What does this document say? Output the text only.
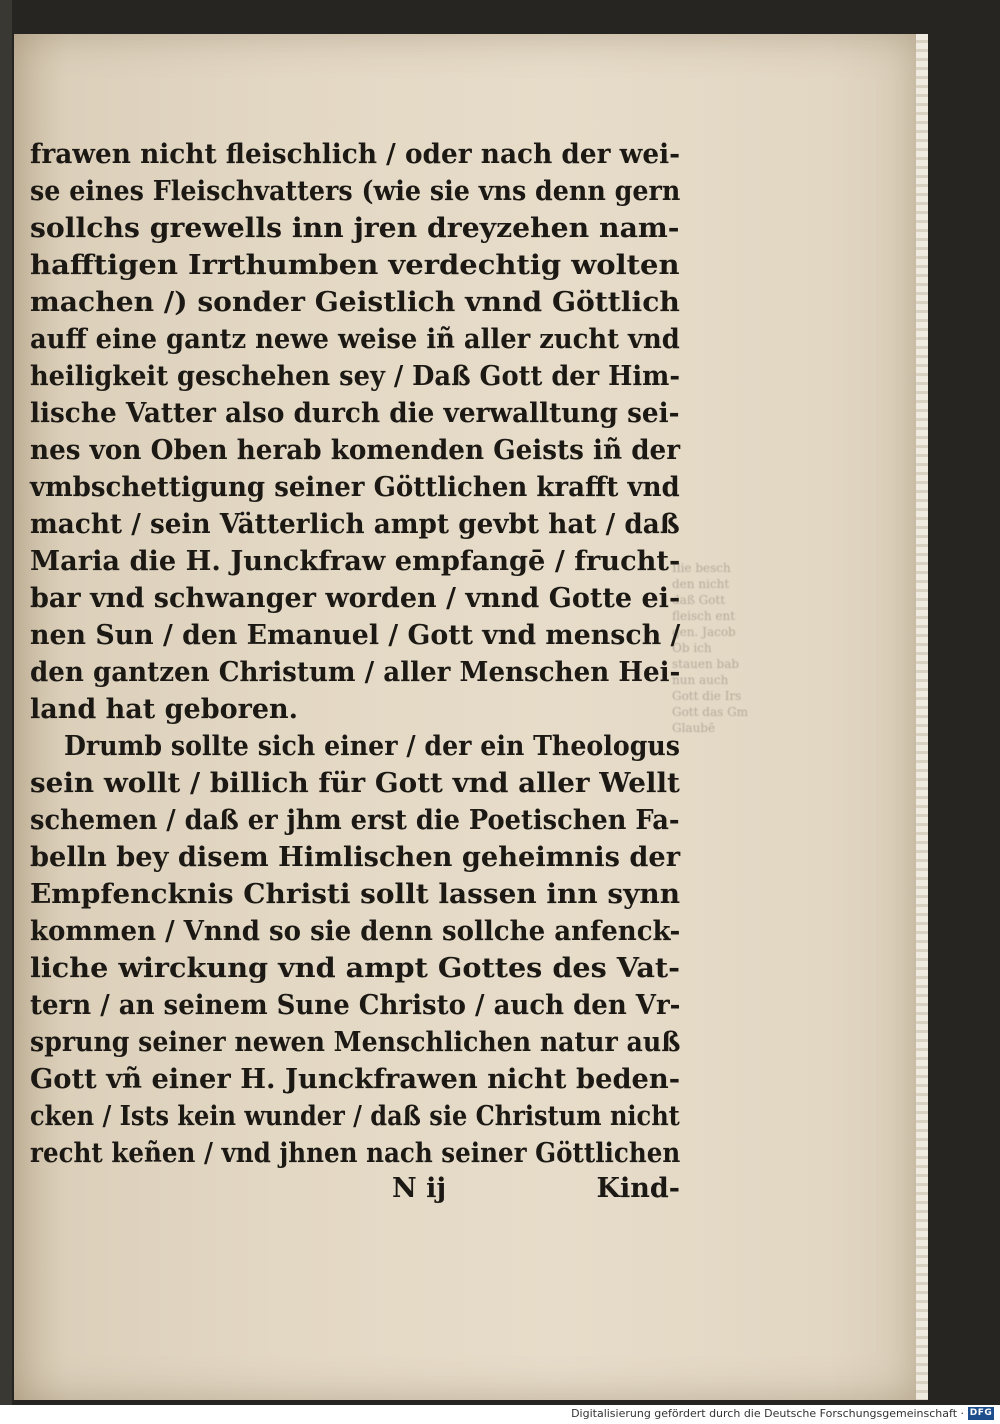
Ilie besch
den nicht
daß Gott
fleisch ent
gen. Jacob
Ob ich
stauen bab
nun auch
Gott die Irs
Gott das Gm
Glaubē
frawen nicht fleischlich / oder nach der wei-
se eines Fleischvatters (wie sie vns denn gern
sollchs grewells inn jren dreyzehen nam-
hafftigen Irrthumben verdechtig wolten
machen /) sonder Geistlich vnnd Göttlich
auff eine gantz newe weise iñ aller zucht vnd
heiligkeit geschehen sey / Daß Gott der Him-
lische Vatter also durch die verwalltung sei-
nes von Oben herab komenden Geists iñ der
vmbschettigung seiner Göttlichen krafft vnd
macht / sein Vätterlich ampt gevbt hat / daß
Maria die H. Junckfraw empfangē / frucht-
bar vnd schwanger worden / vnnd Gotte ei-
nen Sun / den Emanuel / Gott vnd mensch /
den gantzen Christum / aller Menschen Hei-
land hat geboren.
Drumb sollte sich einer / der ein Theologus
sein wollt / billich für Gott vnd aller Wellt
schemen / daß er jhm erst die Poetischen Fa-
belln bey disem Himlischen geheimnis der
Empfencknis Christi sollt lassen inn synn
kommen / Vnnd so sie denn sollche anfenck-
liche wirckung vnd ampt Gottes des Vat-
tern / an seinem Sune Christo / auch den Vr-
sprung seiner newen Menschlichen natur auß
Gott vñ einer H. Junckfrawen nicht beden-
cken / Ists kein wunder / daß sie Christum nicht
recht keñen / vnd jhnen nach seiner Göttlichen
N ij	Kind-
Digitalisierung gefördert durch die Deutsche Forschungsgemeinschaft · DFG
